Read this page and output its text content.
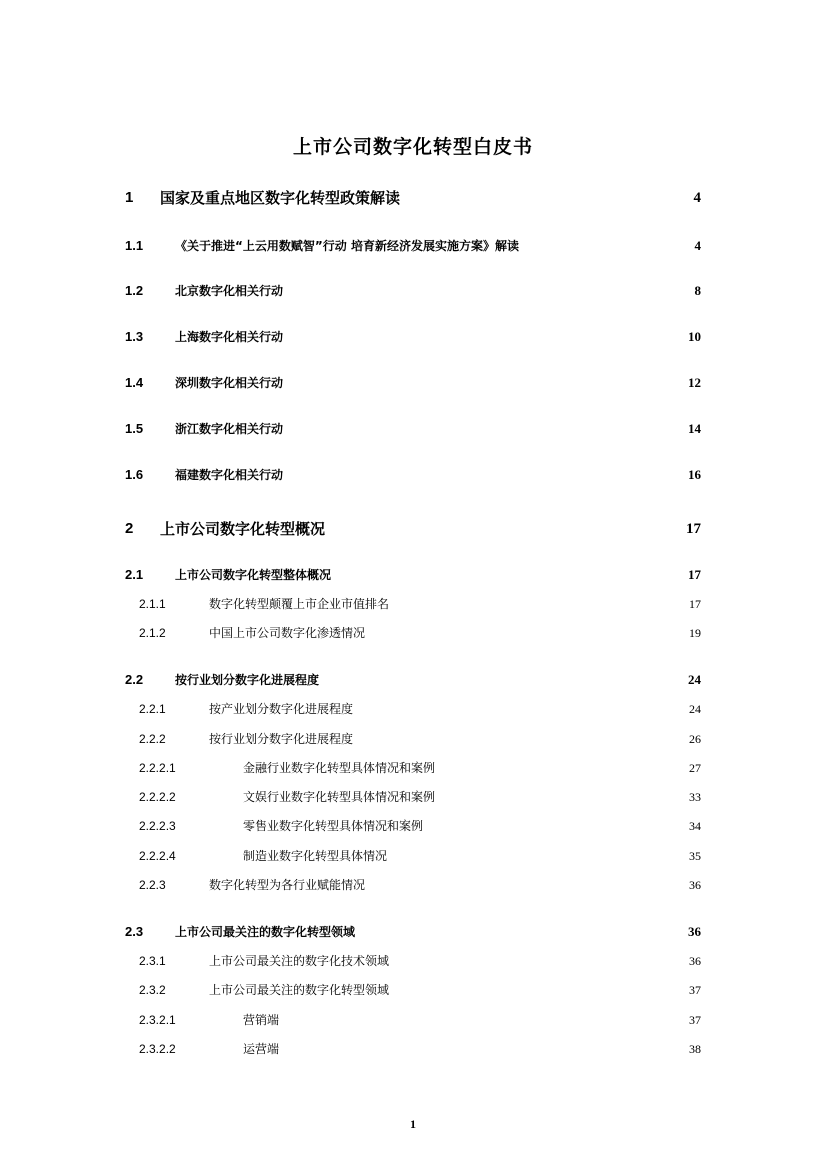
上市公司数字化转型白皮书
1 国家及重点地区数字化转型政策解读	4
1.1	《关于推进“上云用数赋智”行动 培育新经济发展实施方案》解读	4
1.2	北京数字化相关行动	8
1.3	上海数字化相关行动	10
1.4	深圳数字化相关行动	12
1.5	浙江数字化相关行动	14
1.6	福建数字化相关行动	16
2 上市公司数字化转型概况	17
2.1	上市公司数字化转型整体概况	17
2.1.1	数字化转型颠覆上市企业市值排名	17
2.1.2	中国上市公司数字化渗透情况	19
2.2	按行业划分数字化进展程度	24
2.2.1	按产业划分数字化进展程度	24
2.2.2	按行业划分数字化进展程度	26
2.2.2.1	金融行业数字化转型具体情况和案例	27
2.2.2.2	文娱行业数字化转型具体情况和案例	33
2.2.2.3	零售业数字化转型具体情况和案例	34
2.2.2.4	制造业数字化转型具体情况	35
2.2.3	数字化转型为各行业赋能情况	36
2.3	上市公司最关注的数字化转型领域	36
2.3.1	上市公司最关注的数字化技术领域	36
2.3.2	上市公司最关注的数字化转型领域	37
2.3.2.1	营销端	37
2.3.2.2	运营端	38
1
